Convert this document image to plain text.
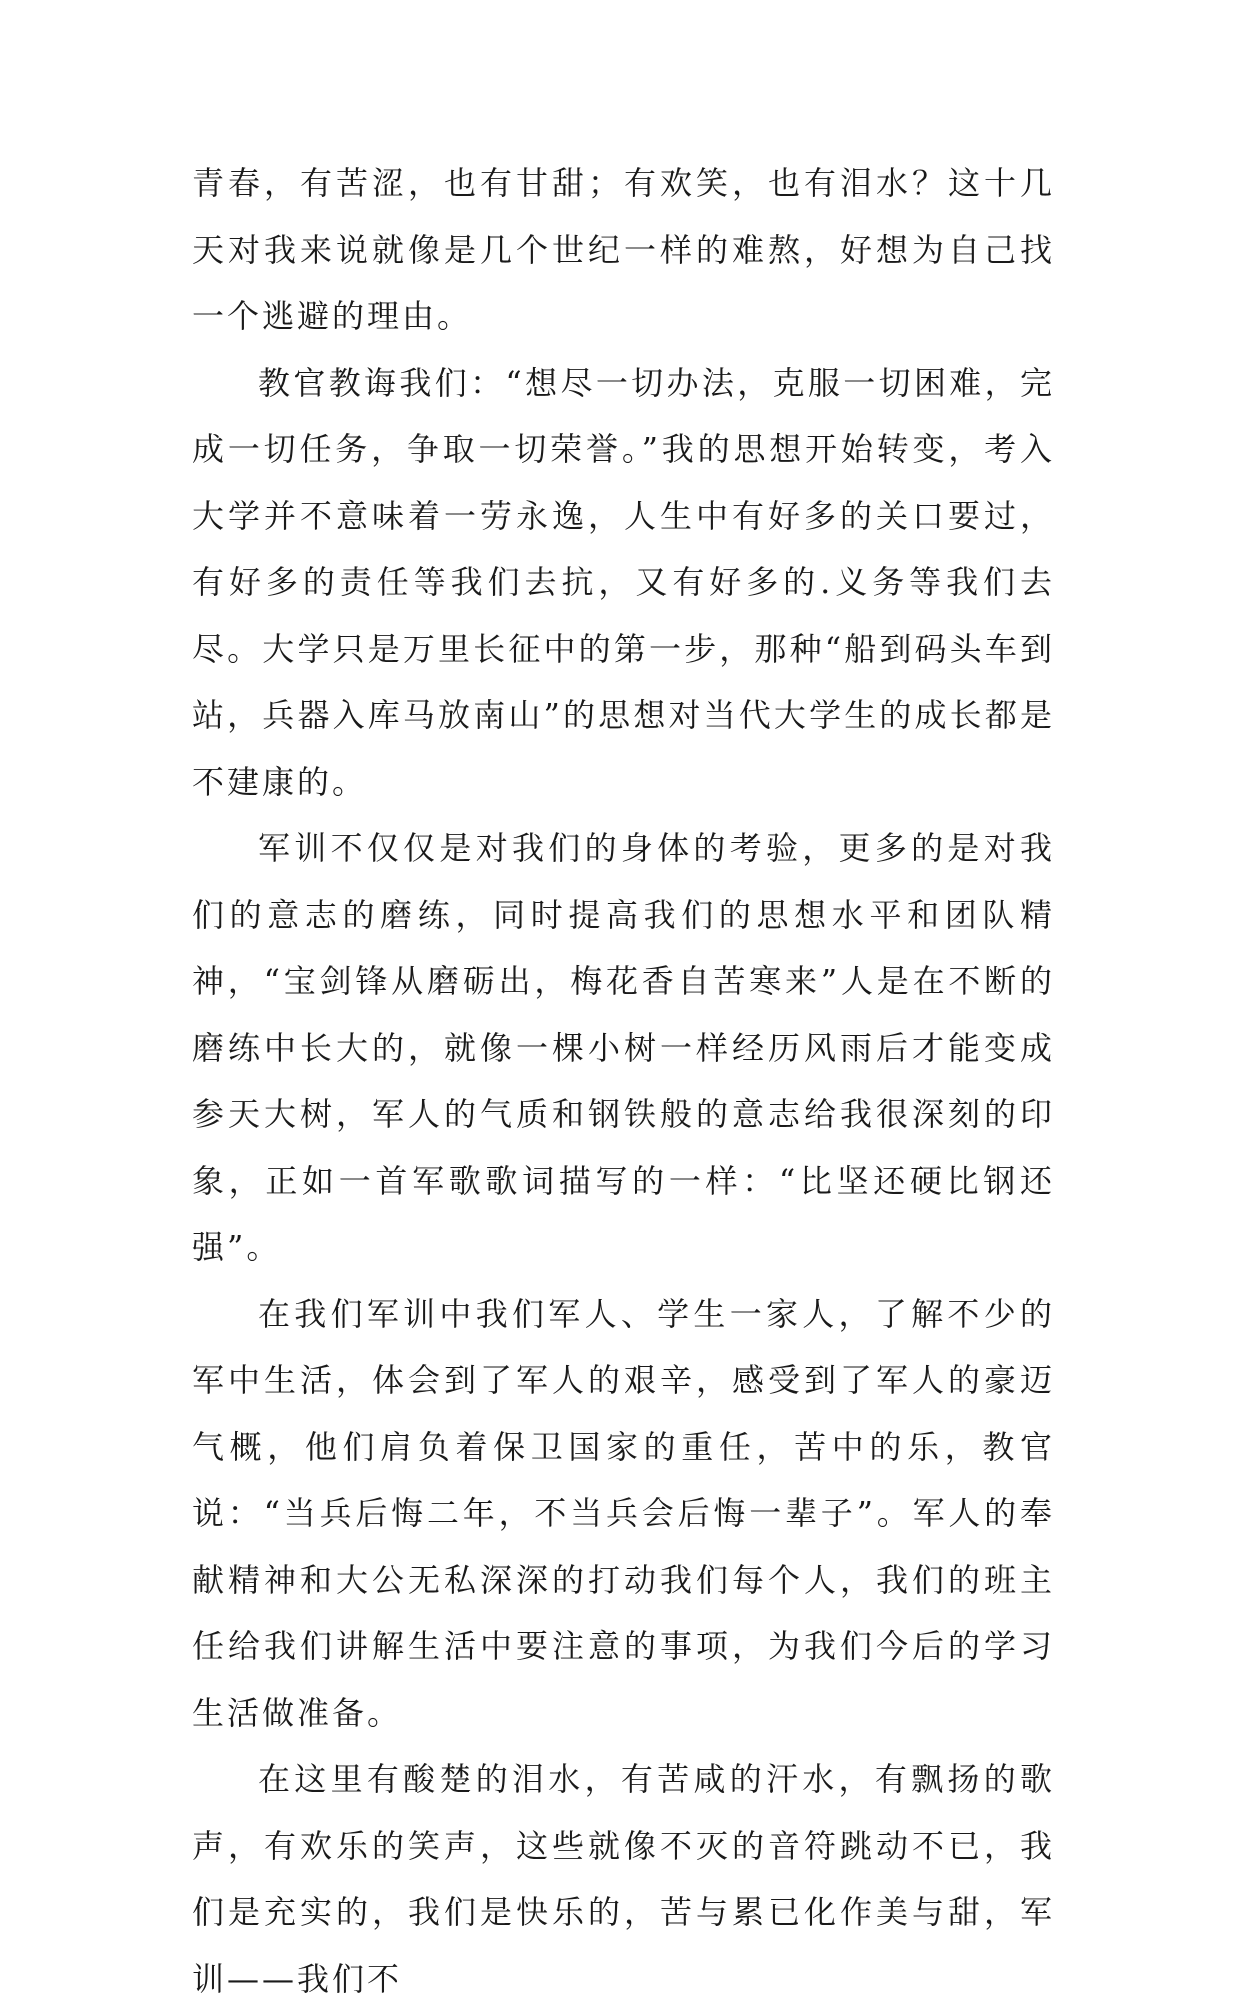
青春，有苦涩，也有甘甜；有欢笑，也有泪水？这十几天对我来说就像是几个世纪一样的难熬，好想为自己找一个逃避的理由。

教官教诲我们：“想尽一切办法，克服一切困难，完成一切任务，争取一切荣誉。”我的思想开始转变，考入大学并不意味着一劳永逸，人生中有好多的关口要过，有好多的责任等我们去抗，又有好多的.义务等我们去尽。大学只是万里长征中的第一步，那种“船到码头车到站，兵器入库马放南山”的思想对当代大学生的成长都是不建康的。

军训不仅仅是对我们的身体的考验，更多的是对我们的意志的磨练，同时提高我们的思想水平和团队精神，“宝剑锋从磨砺出，梅花香自苦寒来”人是在不断的磨练中长大的，就像一棵小树一样经历风雨后才能变成参天大树，军人的气质和钢铁般的意志给我很深刻的印象，正如一首军歌歌词描写的一样：“比坚还硬比钢还强”。

在我们军训中我们军人、学生一家人，了解不少的军中生活，体会到了军人的艰辛，感受到了军人的豪迈气概，他们肩负着保卫国家的重任，苦中的乐，教官说：“当兵后悔二年，不当兵会后悔一辈子”。军人的奉献精神和大公无私深深的打动我们每个人，我们的班主任给我们讲解生活中要注意的事项，为我们今后的学习生活做准备。

在这里有酸楚的泪水，有苦咸的汗水，有飘扬的歌声，有欢乐的笑声，这些就像不灭的音符跳动不已，我们是充实的，我们是快乐的，苦与累已化作美与甜，军训——我们不
